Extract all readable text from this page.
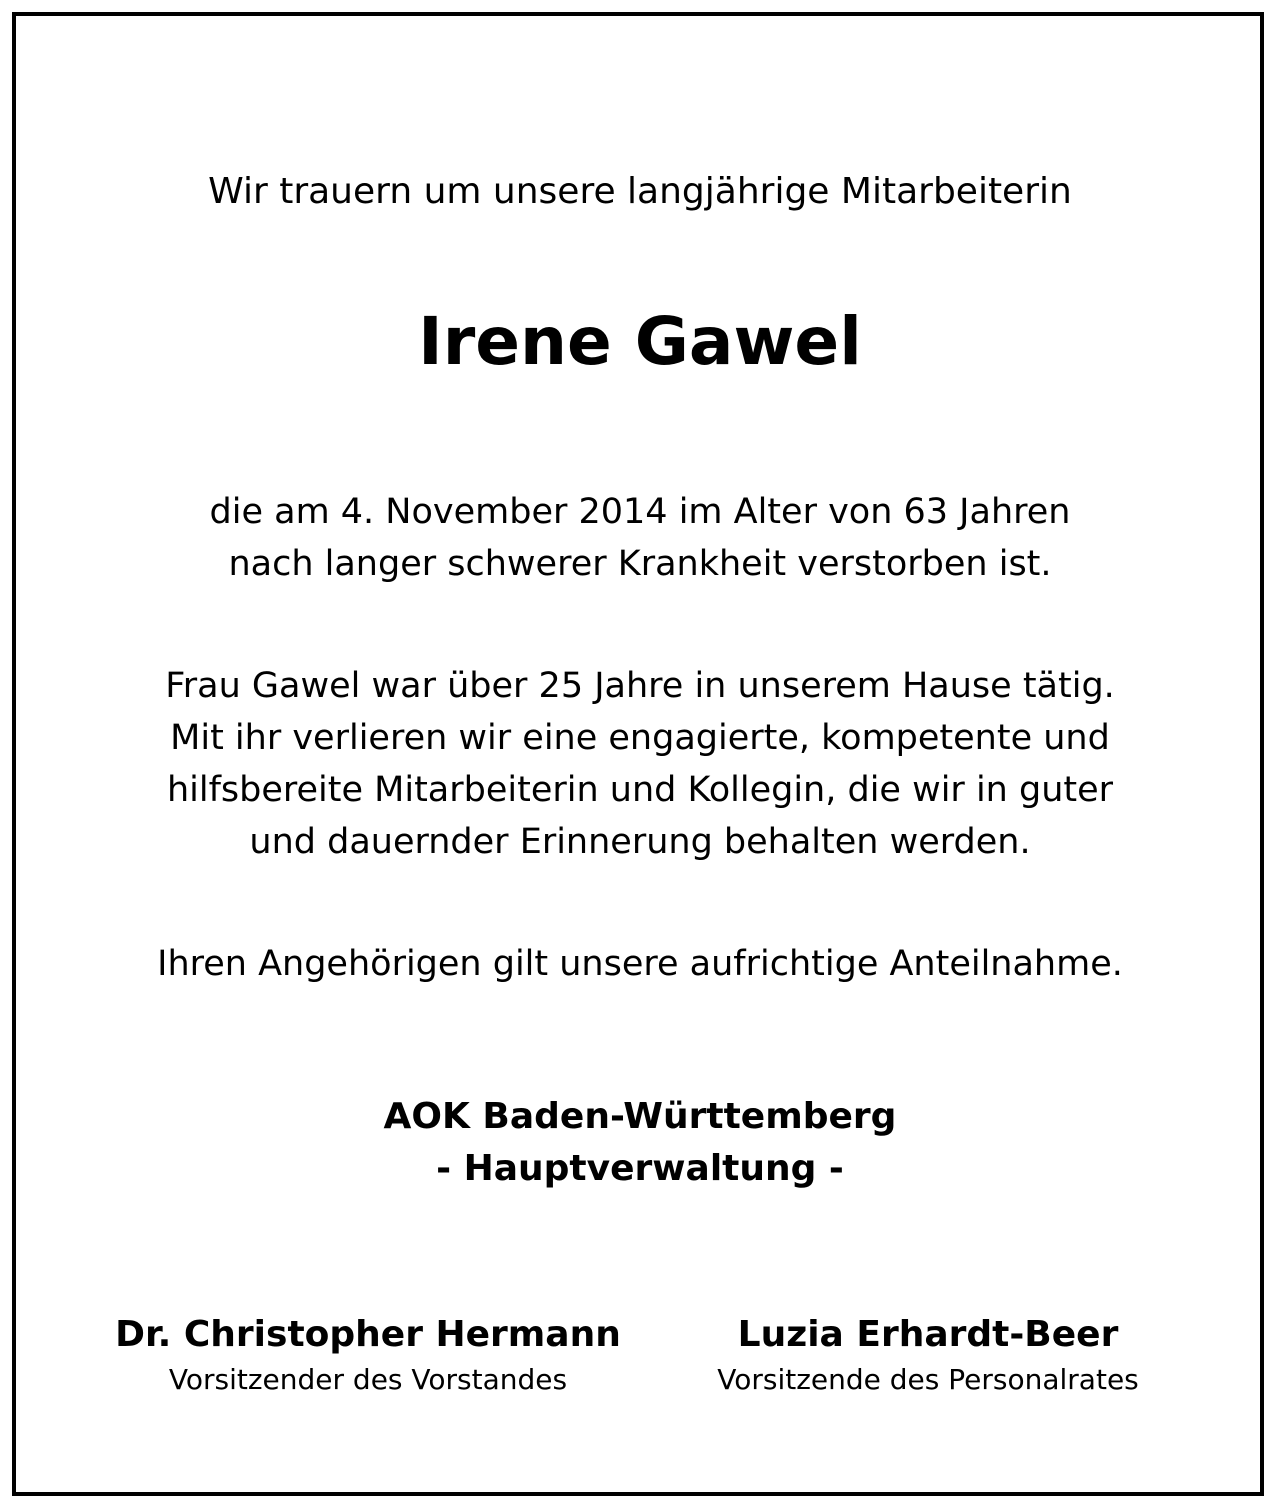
Wir trauern um unsere langjährige Mitarbeiterin
Irene Gawel
die am 4. November 2014 im Alter von 63 Jahren
nach langer schwerer Krankheit verstorben ist.
Frau Gawel war über 25 Jahre in unserem Hause tätig.
Mit ihr verlieren wir eine engagierte, kompetente und
hilfsbereite Mitarbeiterin und Kollegin, die wir in guter
und dauernder Erinnerung behalten werden.
Ihren Angehörigen gilt unsere aufrichtige Anteilnahme.
AOK Baden-Württemberg
- Hauptverwaltung -
Dr. Christopher Hermann
Vorsitzender des Vorstandes
Luzia Erhardt-Beer
Vorsitzende des Personalrates
